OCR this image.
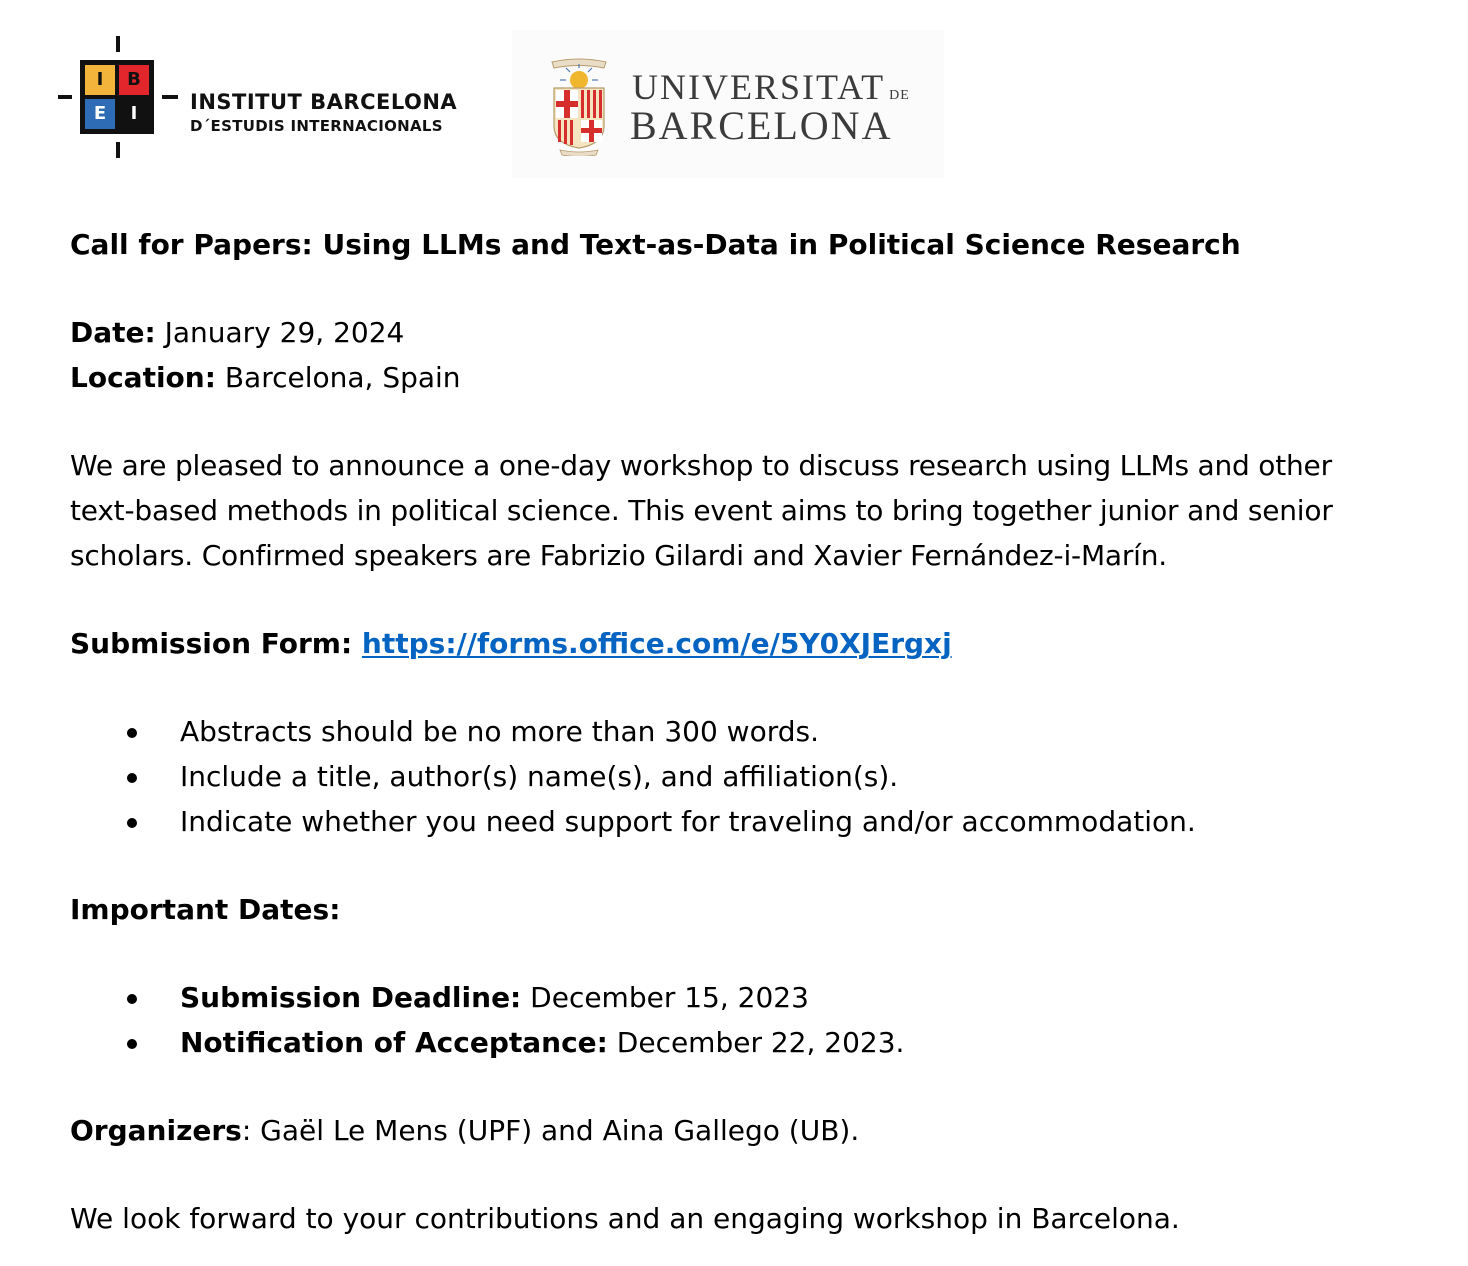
I	B
E	I	INSTITUT BARCELONA
D´ESTUDIS INTERNACIONALS
UNIVERSITAT DE
BARCELONA

Call for Papers: Using LLMs and Text-as-Data in Political Science Research

Date: January 29, 2024

Location: Barcelona, Spain

We are pleased to announce a one-day workshop to discuss research using LLMs and other

text-based methods in political science. This event aims to bring together junior and senior

scholars. Confirmed speakers are Fabrizio Gilardi and Xavier Fernández-i-Marín.

Submission Form: https://forms.office.com/e/5Y0XJErgxj

Abstracts should be no more than 300 words.
Include a title, author(s) name(s), and affiliation(s).
Indicate whether you need support for traveling and/or accommodation.

Important Dates:

Submission Deadline: December 15, 2023
Notification of Acceptance: December 22, 2023.

Organizers: Gaël Le Mens (UPF) and Aina Gallego (UB).

We look forward to your contributions and an engaging workshop in Barcelona.
